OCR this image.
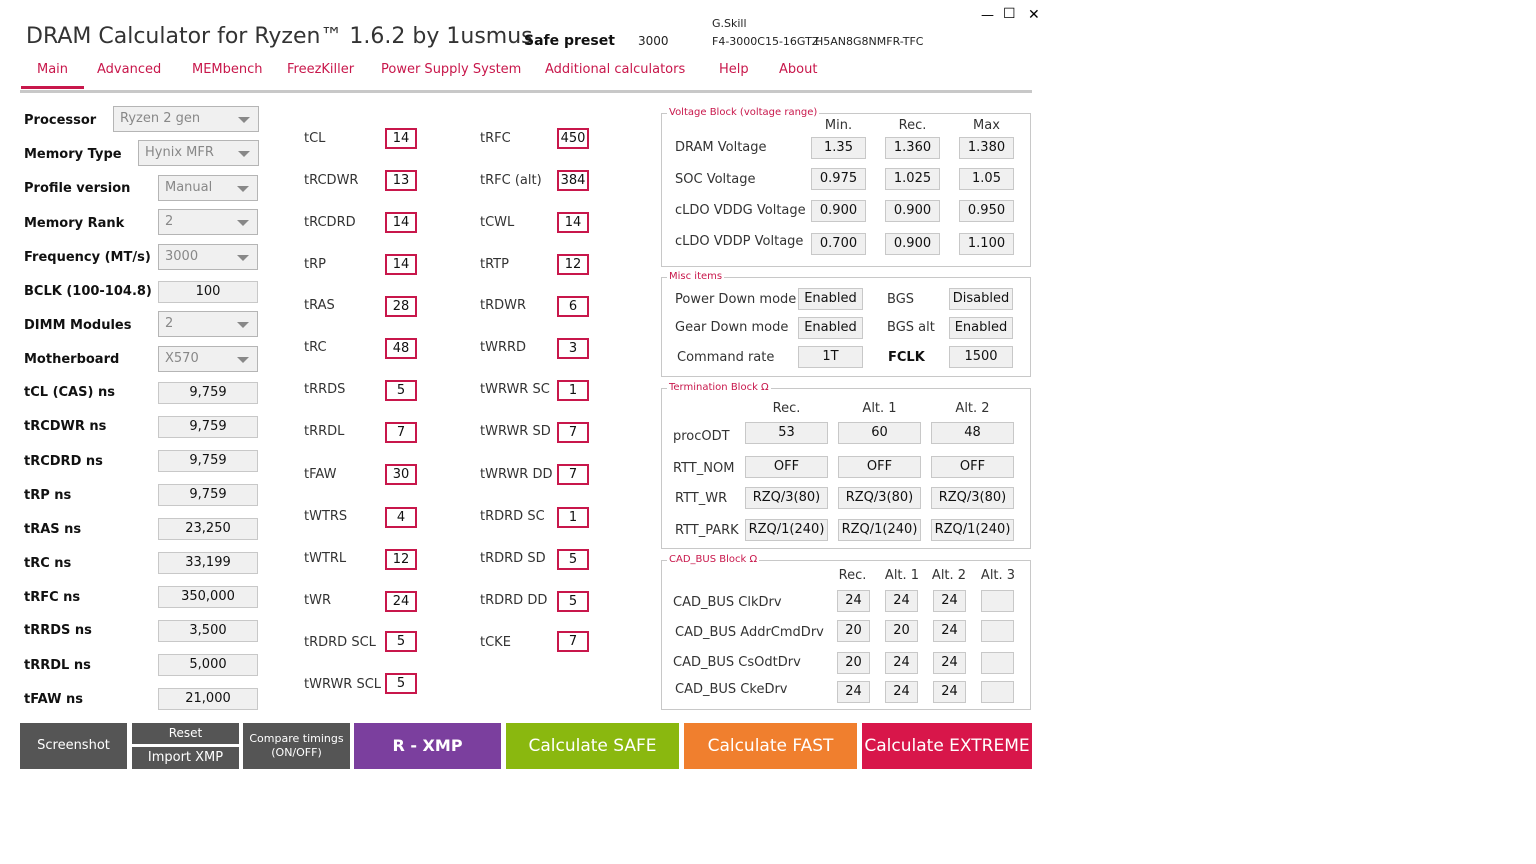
DRAM Calculator for Ryzen™ 1.6.2 by 1usmus
Safe preset 3000
G.Skill
F4-3000C15-16GTZ
H5AN8G8NMFR-TFC
— ☐ ✕
Main Advanced MEMbench FreezKiller Power Supply System Additional calculators	Help About
Processor	Ryzen 2 gen
Memory Type	Hynix MFR
Profile version	Manual
Memory Rank	2
Frequency (MT/s)	3000
BCLK (100-104.8)	100
DIMM Modules	2
Motherboard	X570
tCL (CAS) ns	9,759
tRCDWR ns	9,759
tRCDRD ns	9,759
tRP ns	9,759
tRAS ns	23,250
tRC ns	33,199
tRFC ns	350,000
tRRDS ns	3,500
tRRDL ns	5,000
tFAW ns	21,000
tCL	14
tRCDWR	13
tRCDRD	14
tRP	14
tRAS	28
tRC	48
tRRDS	5
tRRDL	7
tFAW	30
tWTRS	4
tWTRL	12
tWR	24
tRDRD SCL	5
tWRWR SCL	5
tRFC	450
tRFC (alt) 384
tCWL	14
tRTP	12
tRDWR	6
tWRRD	3
tWRWR SC	1
tWRWR SD	7
tWRWR DD	7
tRDRD SC	1
tRDRD SD	5
tRDRD DD	5
tCKE	7
Voltage Block (voltage range)
Min.	Rec.	Max
DRAM Voltage	1.35	1.360	1.380
SOC Voltage	0.975	1.025	1.05
cLDO VDDG Voltage	0.900	0.900	0.950
cLDO VDDP Voltage	0.700	0.900	1.100
Misc items
Power Down mode Enabled	BGS	Disabled
Gear Down mode	Enabled	BGS alt	Enabled
Command rate	1T	FCLK	1500
Termination Block Ω
Rec.	Alt. 1	Alt. 2
procODT	53	60	48
RTT_NOM	OFF	OFF	OFF
RTT_WR	RZQ/3(80)	RZQ/3(80)	RZQ/3(80)
RTT_PARK RZQ/1(240) RZQ/1(240) RZQ/1(240)
CAD_BUS Block Ω
Rec. Alt. 1 Alt. 2 Alt. 3
CAD_BUS ClkDrv	24	24	24
CAD_BUS AddrCmdDrv	20	20	24
CAD_BUS CsOdtDrv	20	24	24
CAD_BUS CkeDrv	24	24	24
Screenshot
Reset
Import XMP
Compare timings
(ON/OFF)	R - XMP	Calculate SAFE	Calculate FAST	Calculate EXTREME
